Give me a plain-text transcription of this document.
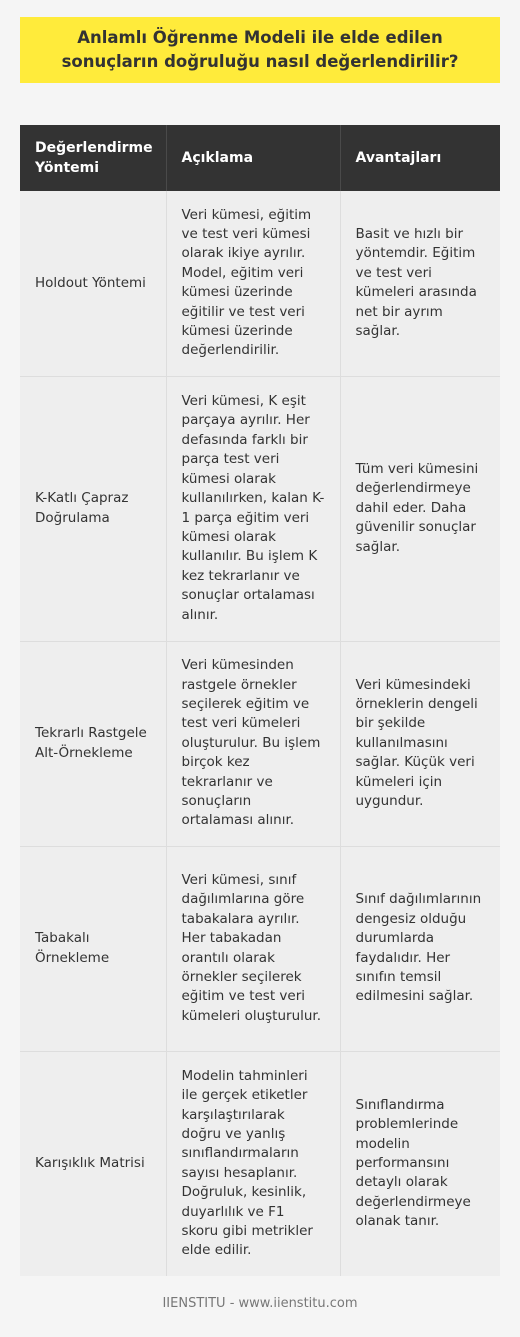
Anlamlı Öğrenme Modeli ile elde edilen sonuçların doğruluğu nasıl değerlendirilir?
Değerlendirme Yöntemi	Açıklama	Avantajları
Holdout Yöntemi	Veri kümesi, eğitim ve test veri kümesi olarak ikiye ayrılır. Model, eğitim veri kümesi üzerinde eğitilir ve test veri kümesi üzerinde değerlendirilir.	Basit ve hızlı bir yöntemdir. Eğitim ve test veri kümeleri arasında net bir ayrım sağlar.
K-Katlı Çapraz Doğrulama	Veri kümesi, K eşit parçaya ayrılır. Her defasında farklı bir parça test veri kümesi olarak kullanılırken, kalan K-1 parça eğitim veri kümesi olarak kullanılır. Bu işlem K kez tekrarlanır ve sonuçlar ortalaması alınır.	Tüm veri kümesini değerlendirmeye dahil eder. Daha güvenilir sonuçlar sağlar.
Tekrarlı Rastgele Alt-Örnekleme	Veri kümesinden rastgele örnekler seçilerek eğitim ve test veri kümeleri oluşturulur. Bu işlem birçok kez tekrarlanır ve sonuçların ortalaması alınır.	Veri kümesindeki örneklerin dengeli bir şekilde kullanılmasını sağlar. Küçük veri kümeleri için uygundur.
Tabakalı Örnekleme	Veri kümesi, sınıf dağılımlarına göre tabakalara ayrılır. Her tabakadan orantılı olarak örnekler seçilerek eğitim ve test veri kümeleri oluşturulur.	Sınıf dağılımlarının dengesiz olduğu durumlarda faydalıdır. Her sınıfın temsil edilmesini sağlar.
Karışıklık Matrisi	Modelin tahminleri ile gerçek etiketler karşılaştırılarak doğru ve yanlış sınıflandırmaların sayısı hesaplanır. Doğruluk, kesinlik, duyarlılık ve F1 skoru gibi metrikler elde edilir.	Sınıflandırma problemlerinde modelin performansını detaylı olarak değerlendirmeye olanak tanır.
IIENSTITU - www.iienstitu.com
